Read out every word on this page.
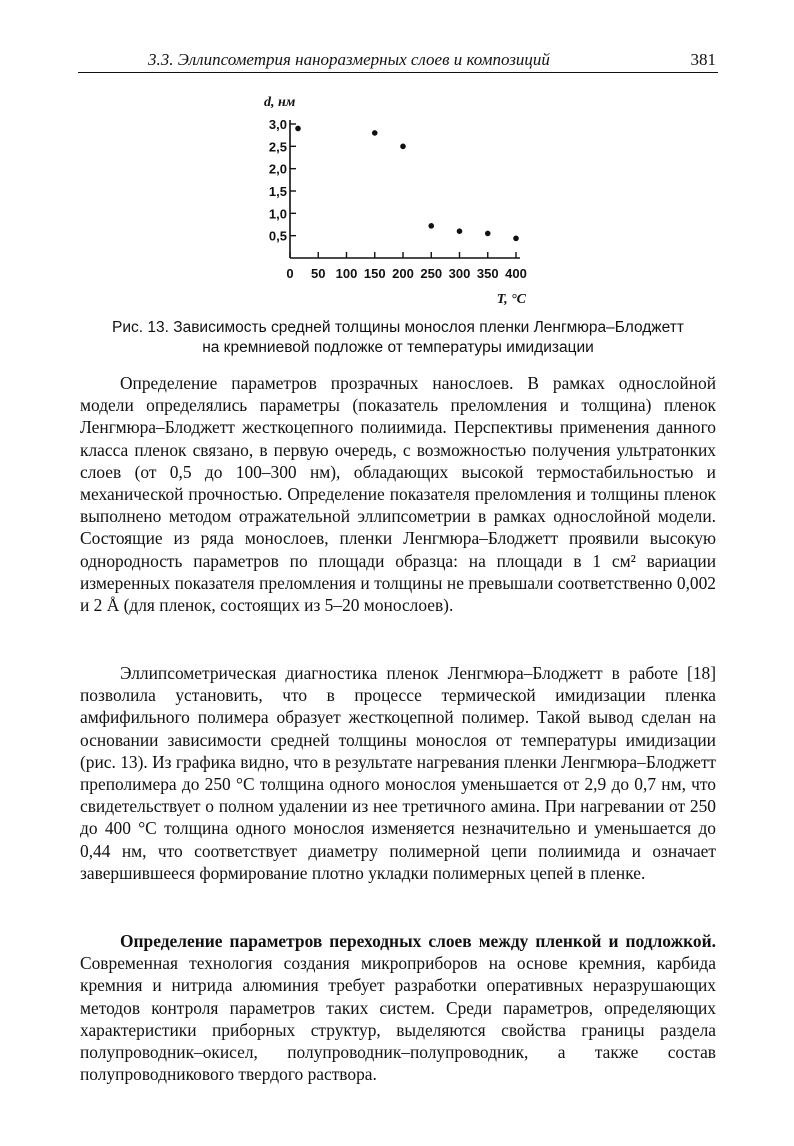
3.3. Эллипсометрия наноразмерных слоев и композиций	381
3,0
2,5
2,0
1,5
1,0
0,5
0 50 100 150 200 250 300 350 400
d, нм
T, °C
Рис. 13. Зависимость средней толщины монослоя пленки Ленгмюра–Блоджетт
на кремниевой подложке от температуры имидизации

Определение параметров прозрачных нанослоев. В рамках однослойной модели определялись параметры (показатель преломления и толщина) пленок Ленгмюра–Блоджетт жесткоцепного полиимида. Перспективы применения данного класса пленок связано, в первую очередь, с возможностью получения ультратонких слоев (от 0,5 до 100–300 нм), обладающих высокой термостабильностью и механической прочностью. Определение показателя преломления и толщины пленок выполнено методом отражательной эллипсометрии в рамках однослойной модели. Состоящие из ряда монослоев, пленки Ленгмюра–Блоджетт проявили высокую однородность параметров по площади образца: на площади в 1 см² вариации измеренных показателя преломления и толщины не превышали соответственно 0,002 и 2 Å (для пленок, состоящих из 5–20 монослоев).

Эллипсометрическая диагностика пленок Ленгмюра–Блоджетт в работе [18] позволила установить, что в процессе термической имидизации пленка амфифильного полимера образует жесткоцепной полимер. Такой вывод сделан на основании зависимости средней толщины монослоя от температуры имидизации (рис. 13). Из графика видно, что в результате нагревания пленки Ленгмюра–Блоджетт преполимера до 250 °C толщина одного монослоя уменьшается от 2,9 до 0,7 нм, что свидетельствует о полном удалении из нее третичного амина. При нагревании от 250 до 400 °C толщина одного монослоя изменяется незначительно и уменьшается до 0,44 нм, что соответствует диаметру полимерной цепи полиимида и означает завершившееся формирование плотно укладки полимерных цепей в пленке.

Определение параметров переходных слоев между пленкой и подложкой. Современная технология создания микроприборов на основе кремния, карбида кремния и нитрида алюминия требует разработки оперативных неразрушающих методов контроля параметров таких систем. Среди параметров, определяющих характеристики приборных структур, выделяются свойства границы раздела полупроводник–окисел, полупроводник–полупроводник, а также состав полупроводникового твердого раствора.
